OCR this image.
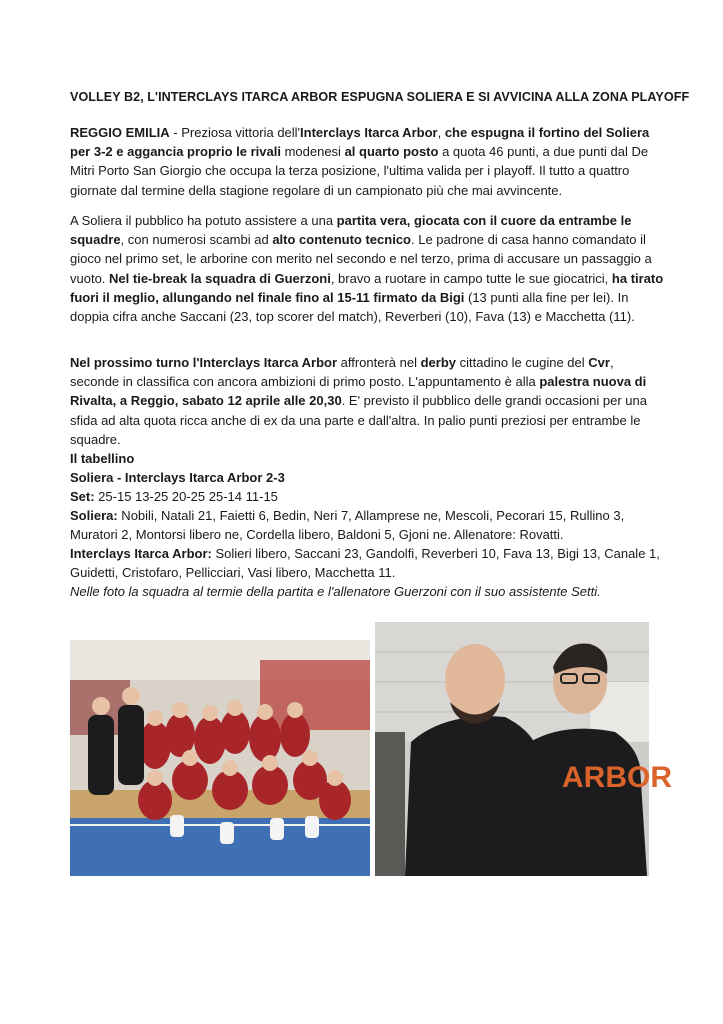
VOLLEY B2, L'INTERCLAYS ITARCA ARBOR ESPUGNA SOLIERA E SI AVVICINA ALLA ZONA PLAYOFF

REGGIO EMILIA - Preziosa vittoria dell'Interclays Itarca Arbor, che espugna il fortino del Soliera per 3-2 e aggancia proprio le rivali modenesi al quarto posto a quota 46 punti, a due punti dal De Mitri Porto San Giorgio che occupa la terza posizione, l'ultima valida per i playoff. Il tutto a quattro giornate dal termine della stagione regolare di un campionato più che mai avvincente.

A Soliera il pubblico ha potuto assistere a una partita vera, giocata con il cuore da entrambe le squadre, con numerosi scambi ad alto contenuto tecnico. Le padrone di casa hanno comandato il gioco nel primo set, le arborine con merito nel secondo e nel terzo, prima di accusare un passaggio a vuoto. Nel tie-break la squadra di Guerzoni, bravo a ruotare in campo tutte le sue giocatrici, ha tirato fuori il meglio, allungando nel finale fino al 15-11 firmato da Bigi (13 punti alla fine per lei). In doppia cifra anche Saccani (23, top scorer del match), Reverberi (10), Fava (13) e Macchetta (11).

Nel prossimo turno l'Interclays Itarca Arbor affronterà nel derby cittadino le cugine del Cvr, seconde in classifica con ancora ambizioni di primo posto. L'appuntamento è alla palestra nuova di Rivalta, a Reggio, sabato 12 aprile alle 20,30. E' previsto il pubblico delle grandi occasioni per una sfida ad alta quota ricca anche di ex da una parte e dall'altra. In palio punti preziosi per entrambe le squadre.

Il tabellino
Soliera - Interclays Itarca Arbor 2-3
Set: 25-15 13-25 20-25 25-14 11-15
Soliera: Nobili, Natali 21, Faietti 6, Bedin, Neri 7, Allamprese ne, Mescoli, Pecorari 15, Rullino 3,
Muratori 2, Montorsi libero ne, Cordella libero, Baldoni 5, Gjoni ne. Allenatore: Rovatti.
Interclays Itarca Arbor: Solieri libero, Saccani 23, Gandolfi, Reverberi 10, Fava 13, Bigi 13, Canale 1,
Guidetti, Cristofaro, Pellicciari, Vasi libero, Macchetta 11.
Nelle foto la squadra al termie della partita e l'allenatore Guerzoni con il suo assistente Setti.
ARBOR
